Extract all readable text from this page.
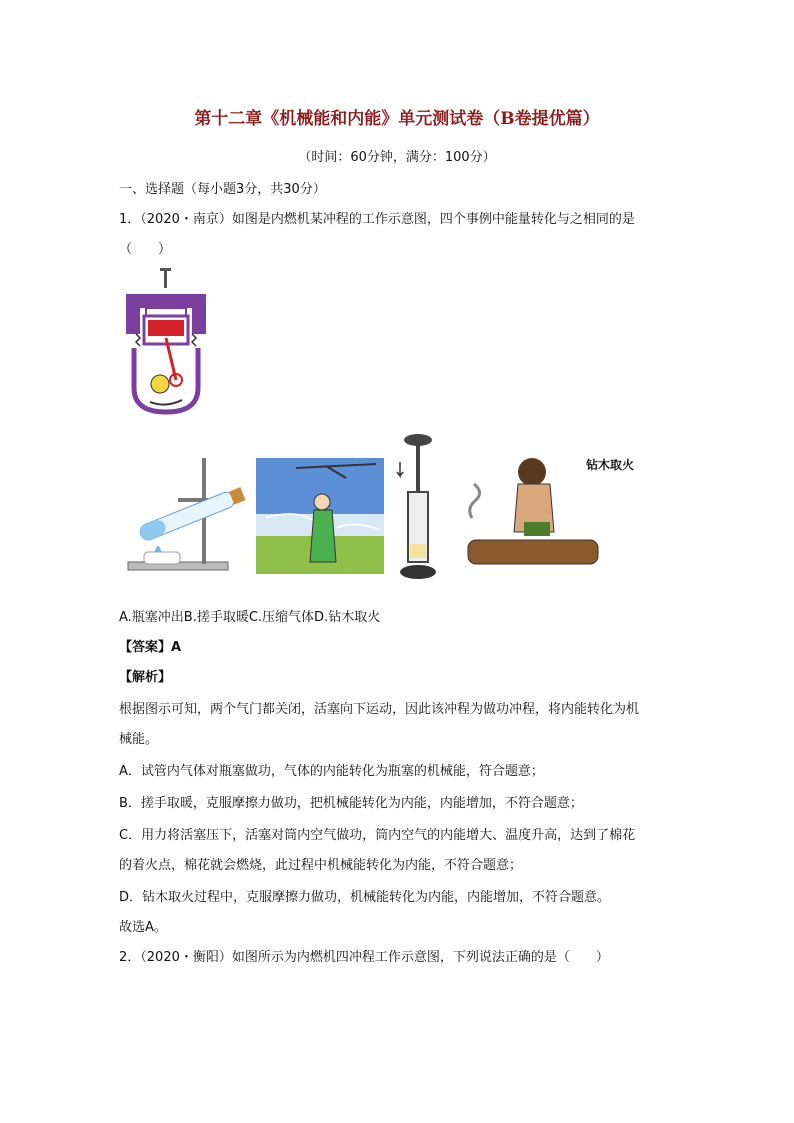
第十二章《机械能和内能》单元测试卷（B卷提优篇）
（时间：60分钟，满分：100分）
一、选择题（每小题3分，共30分）
1．（2020・南京）如图是内燃机某冲程的工作示意图，四个事例中能量转化与之相同的是
（　　）
钻木取火
A.瓶塞冲出B.搓手取暖C.压缩气体D.钻木取火
【答案】A
【解析】
根据图示可知，两个气门都关闭，活塞向下运动，因此该冲程为做功冲程，将内能转化为机
械能。
A．试管内气体对瓶塞做功，气体的内能转化为瓶塞的机械能，符合题意；
B．搓手取暖，克服摩擦力做功，把机械能转化为内能，内能增加，不符合题意；
C．用力将活塞压下，活塞对筒内空气做功，筒内空气的内能增大、温度升高，达到了棉花
的着火点，棉花就会燃烧，此过程中机械能转化为内能，不符合题意；
D．钻木取火过程中，克服摩擦力做功，机械能转化为内能，内能增加，不符合题意。
故选A。
2．（2020・衡阳）如图所示为内燃机四冲程工作示意图，下列说法正确的是（　　）
